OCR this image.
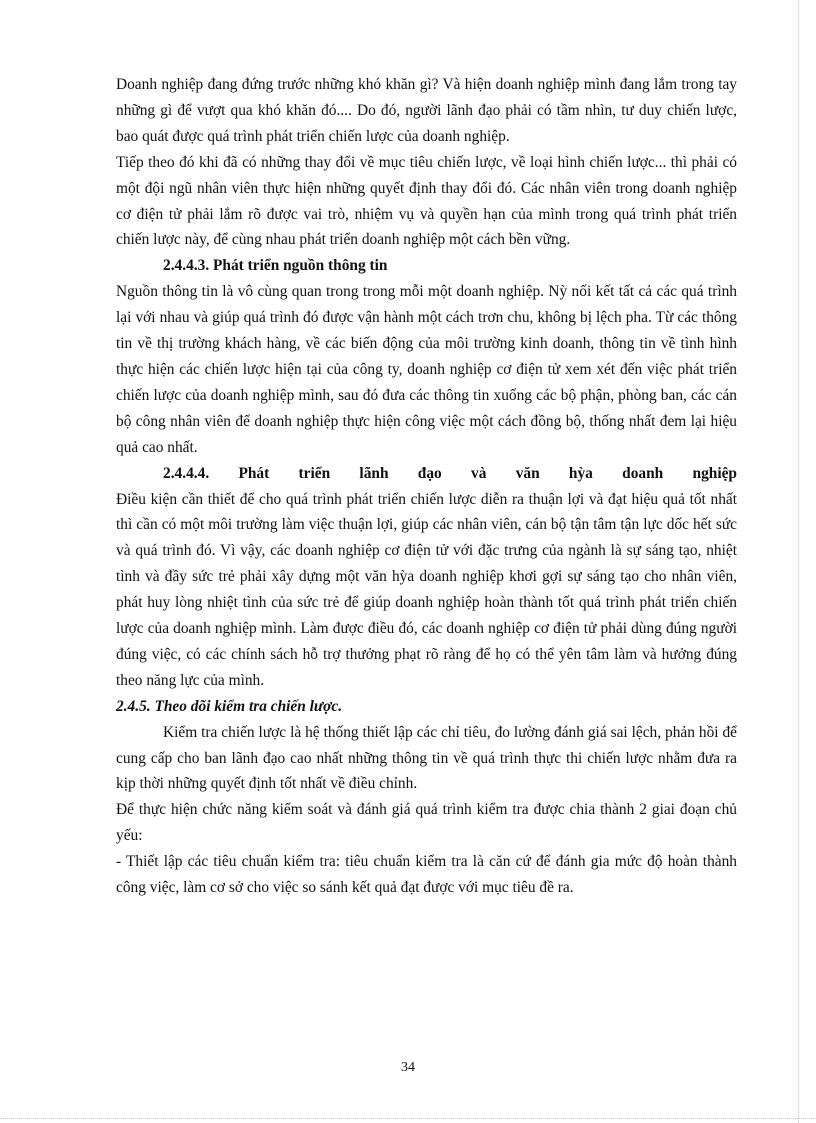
Doanh nghiệp đang đứng trước những khó khăn gì? Và hiện doanh nghiệp mình đang lắm trong tay những gì để vượt qua khó khăn đó.... Do đó, người lãnh đạo phải có tầm nhìn, tư duy chiến lược, bao quát được quá trình phát triển chiến lược của doanh nghiệp.

Tiếp theo đó khi đã có những thay đổi về mục tiêu chiến lược, về loại hình chiến lược... thì phải có một đội ngũ nhân viên thực hiện những quyết định thay đổi đó. Các nhân viên trong doanh nghiệp cơ điện tử phải lắm rõ được vai trò, nhiệm vụ và quyền hạn của mình trong quá trình phát triển chiến lược này, để cùng nhau phát triển doanh nghiệp một cách bền vững.

2.4.4.3. Phát triển nguồn thông tin

Nguồn thông tin là vô cùng quan trong trong mỗi một doanh nghiệp. Nỳ nối kết tất cả các quá trình lại với nhau và giúp quá trình đó được vận hành một cách trơn chu, không bị lệch pha. Từ các thông tin về thị trường khách hàng, về các biến động của môi trường kinh doanh, thông tin về tình hình thực hiện các chiến lược hiện tại của công ty, doanh nghiệp cơ điện tử xem xét đến việc phát triển chiến lược của doanh nghiệp mình, sau đó đưa các thông tin xuống các bộ phận, phòng ban, các cán bộ công nhân viên để doanh nghiệp thực hiện công việc một cách đồng bộ, thống nhất đem lại hiệu quả cao nhất.

2.4.4.4. Phát triển lãnh đạo và văn hỳa doanh nghiệp

Điều kiện cần thiết để cho quá trình phát triển chiến lược diễn ra thuận lợi và đạt hiệu quả tốt nhất thì cần có một môi trường làm việc thuận lợi, giúp các nhân viên, cán bộ tận tâm tận lực dốc hết sức và quá trình đó. Vì vậy, các doanh nghiệp cơ điện tử với đặc trưng của ngành là sự sáng tạo, nhiệt tình và đầy sức trẻ phải xây dựng một văn hỳa doanh nghiệp khơi gợi sự sáng tạo cho nhân viên, phát huy lòng nhiệt tình của sức trẻ để giúp doanh nghiệp hoàn thành tốt quá trình phát triển chiến lược của doanh nghiệp mình. Làm được điều đó, các doanh nghiệp cơ điện tử phải dùng đúng người đúng việc, có các chính sách hỗ trợ thưởng phạt rõ ràng để họ có thể yên tâm làm và hưởng đúng theo năng lực của mình.

2.4.5. Theo dõi kiểm tra chiến lược.

Kiểm tra chiến lược là hệ thống thiết lập các chỉ tiêu, đo lường đánh giá sai lệch, phản hồi để cung cấp cho ban lãnh đạo cao nhất những thông tin về quá trình thực thi chiến lược nhằm đưa ra kịp thời những quyết định tốt nhất về điều chỉnh.

Để thực hiện chức năng kiểm soát và đánh giá quá trình kiểm tra được chia thành 2 giai đoạn chủ yếu:

- Thiết lập các tiêu chuẩn kiểm tra: tiêu chuẩn kiểm tra là căn cứ để đánh gia mức độ hoàn thành công việc, làm cơ sở cho việc so sánh kết quả đạt được với mục tiêu đề ra.

34
